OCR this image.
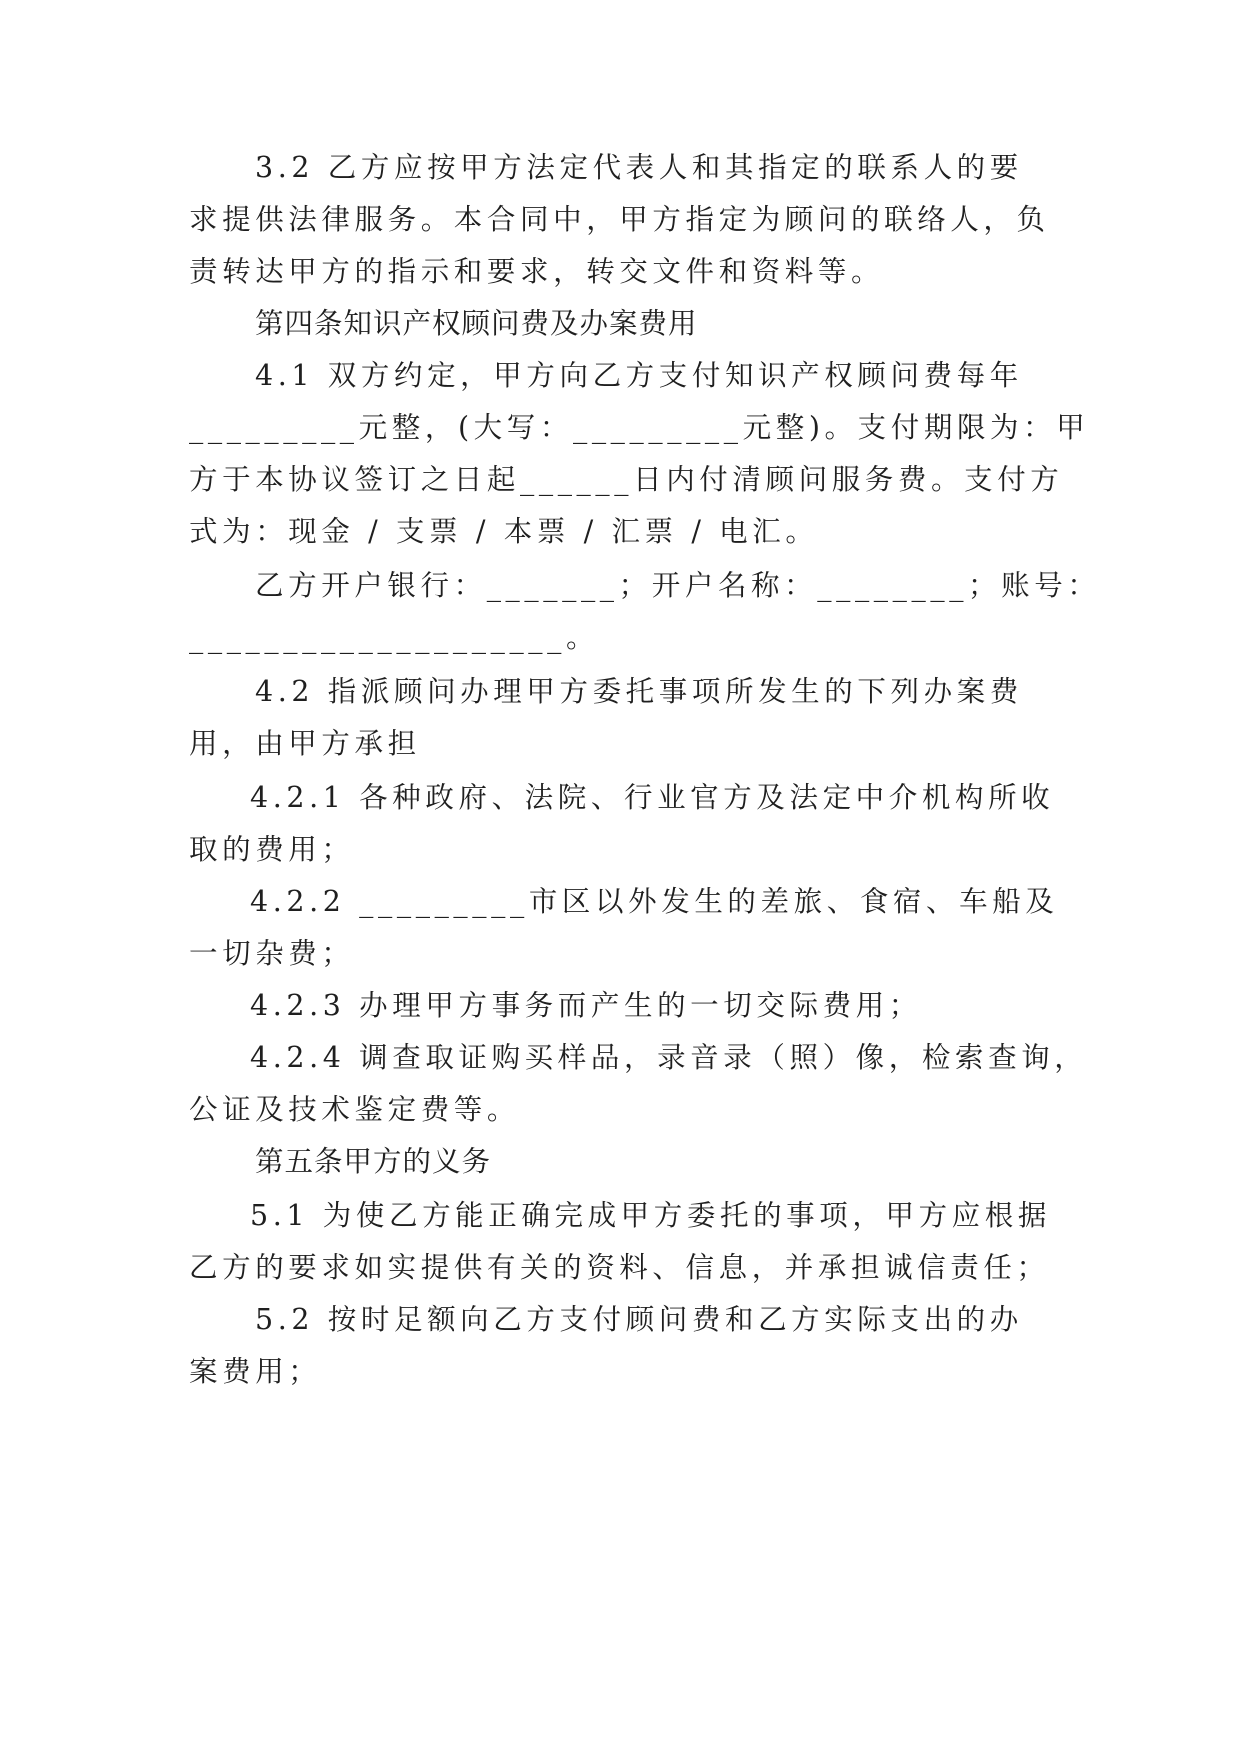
3.2 乙方应按甲方法定代表人和其指定的联系人的要

求提供法律服务。本合同中，甲方指定为顾问的联络人，负

责转达甲方的指示和要求，转交文件和资料等。

第四条知识产权顾问费及办案费用

4.1 双方约定，甲方向乙方支付知识产权顾问费每年

_________元整，(大写：_________元整)。支付期限为：甲

方于本协议签订之日起______日内付清顾问服务费。支付方

式为：现金 / 支票 / 本票 / 汇票 / 电汇。

乙方开户银行：_______；开户名称：________；账号：

____________________。

4.2 指派顾问办理甲方委托事项所发生的下列办案费

用，由甲方承担

4.2.1 各种政府、法院、行业官方及法定中介机构所收

取的费用；

4.2.2 _________市区以外发生的差旅、食宿、车船及

一切杂费；

4.2.3 办理甲方事务而产生的一切交际费用；

4.2.4 调查取证购买样品，录音录（照）像，检索查询，

公证及技术鉴定费等。

第五条甲方的义务

5.1 为使乙方能正确完成甲方委托的事项，甲方应根据

乙方的要求如实提供有关的资料、信息，并承担诚信责任；

5.2 按时足额向乙方支付顾问费和乙方实际支出的办

案费用；
